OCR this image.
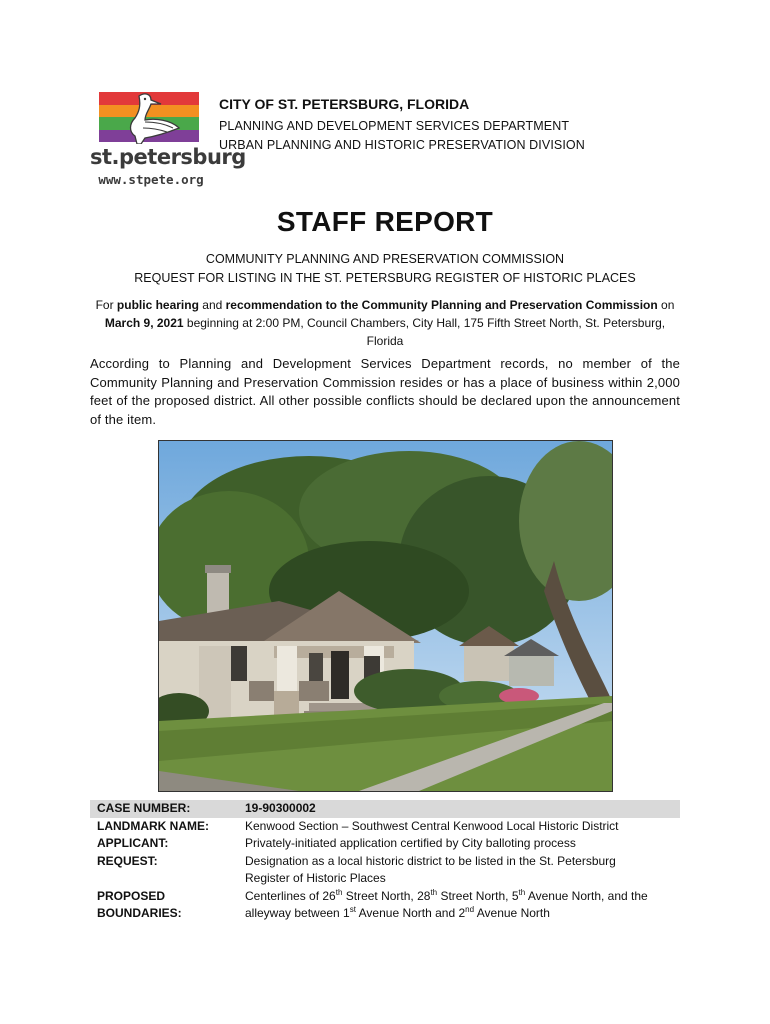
st.petersburg
www.stpete.org
CITY OF ST. PETERSBURG, FLORIDA
PLANNING AND DEVELOPMENT SERVICES DEPARTMENT
URBAN PLANNING AND HISTORIC PRESERVATION DIVISION
STAFF REPORT
COMMUNITY PLANNING AND PRESERVATION COMMISSION
REQUEST FOR LISTING IN THE ST. PETERSBURG REGISTER OF HISTORIC PLACES
For public hearing and recommendation to the Community Planning and Preservation Commission on March 9, 2021 beginning at 2:00 PM, Council Chambers, City Hall, 175 Fifth Street North, St. Petersburg, Florida
According to Planning and Development Services Department records, no member of the Community Planning and Preservation Commission resides or has a place of business within 2,000 feet of the proposed district. All other possible conflicts should be declared upon the announcement of the item.
CASE NUMBER:	19-90300002
LANDMARK NAME:	Kenwood Section – Southwest Central Kenwood Local Historic District
APPLICANT:	Privately-initiated application certified by City balloting process
REQUEST:	Designation as a local historic district to be listed in the St. Petersburg
Register of Historic Places
PROPOSED
BOUNDARIES:
Centerlines of 26th Street North, 28th Street North, 5th Avenue North, and the
alleyway between 1st Avenue North and 2nd Avenue North
